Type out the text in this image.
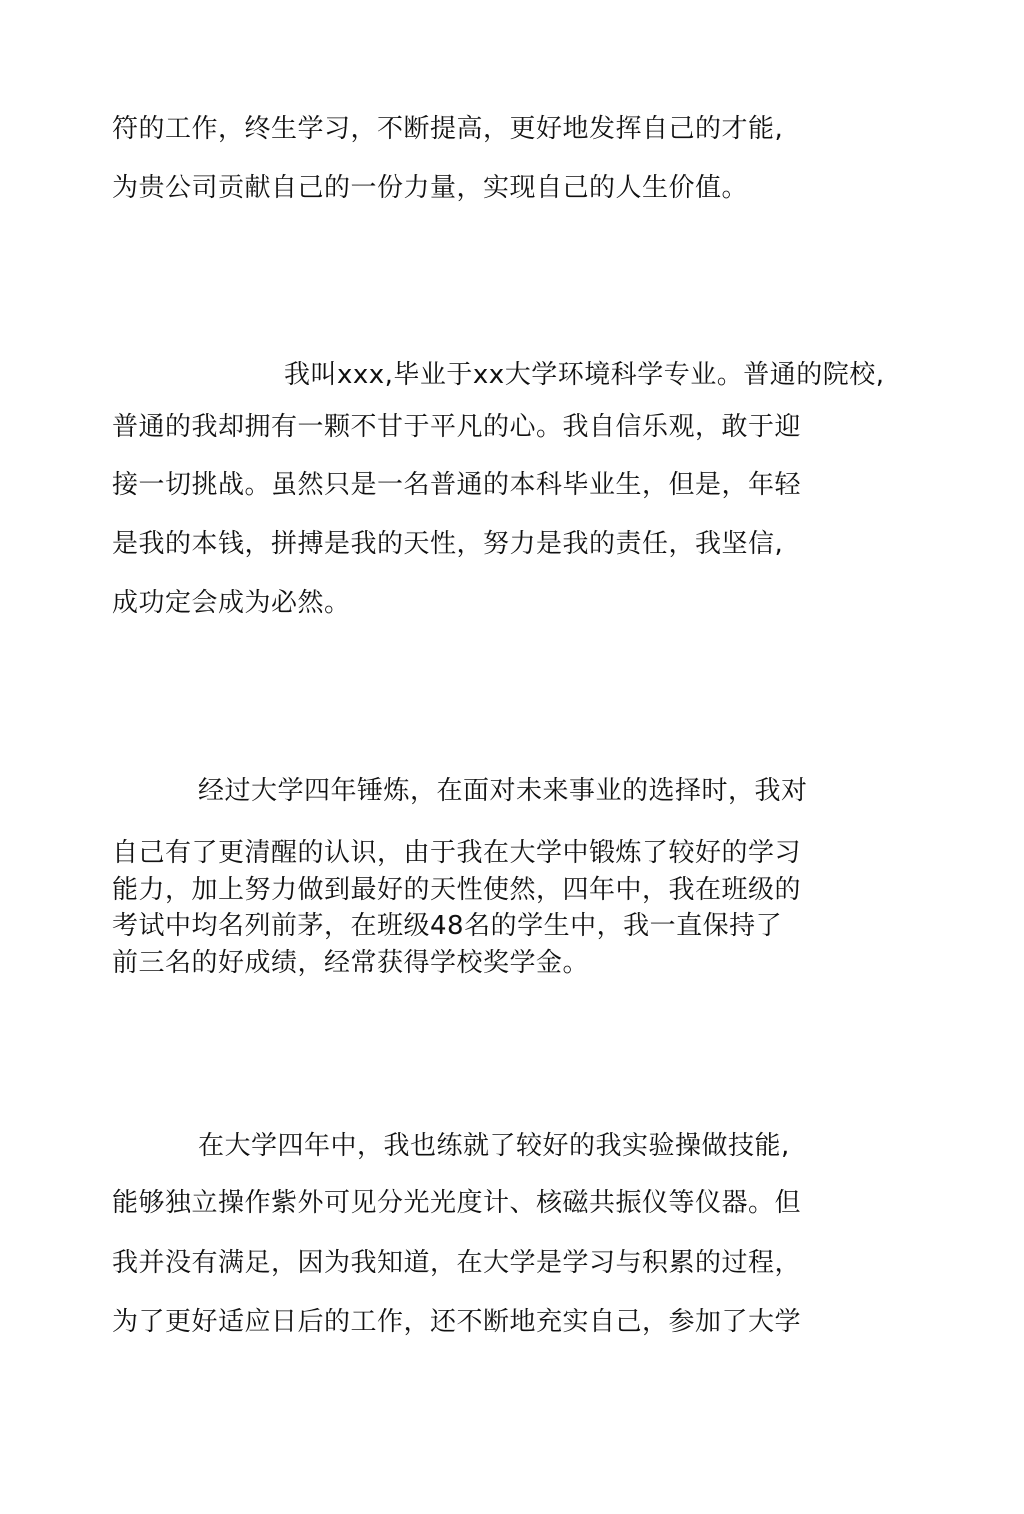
符的工作，终生学习，不断提高，更好地发挥自己的才能,
为贵公司贡献自己的一份力量，实现自己的人生价值。
我叫xxx,毕业于xx大学环境科学专业。普通的院校,
普通的我却拥有一颗不甘于平凡的心。我自信乐观，敢于迎
接一切挑战。虽然只是一名普通的本科毕业生，但是，年轻
是我的本钱，拼搏是我的天性，努力是我的责任，我坚信,
成功定会成为必然。
经过大学四年锤炼，在面对未来事业的选择时，我对
自己有了更清醒的认识，由于我在大学中锻炼了较好的学习
能力，加上努力做到最好的天性使然，四年中，我在班级的
考试中均名列前茅，在班级48名的学生中，我一直保持了
前三名的好成绩，经常获得学校奖学金。
在大学四年中，我也练就了较好的我实验操做技能,
能够独立操作紫外可见分光光度计、核磁共振仪等仪器。但
我并没有满足，因为我知道，在大学是学习与积累的过程，
为了更好适应日后的工作，还不断地充实自己，参加了大学
